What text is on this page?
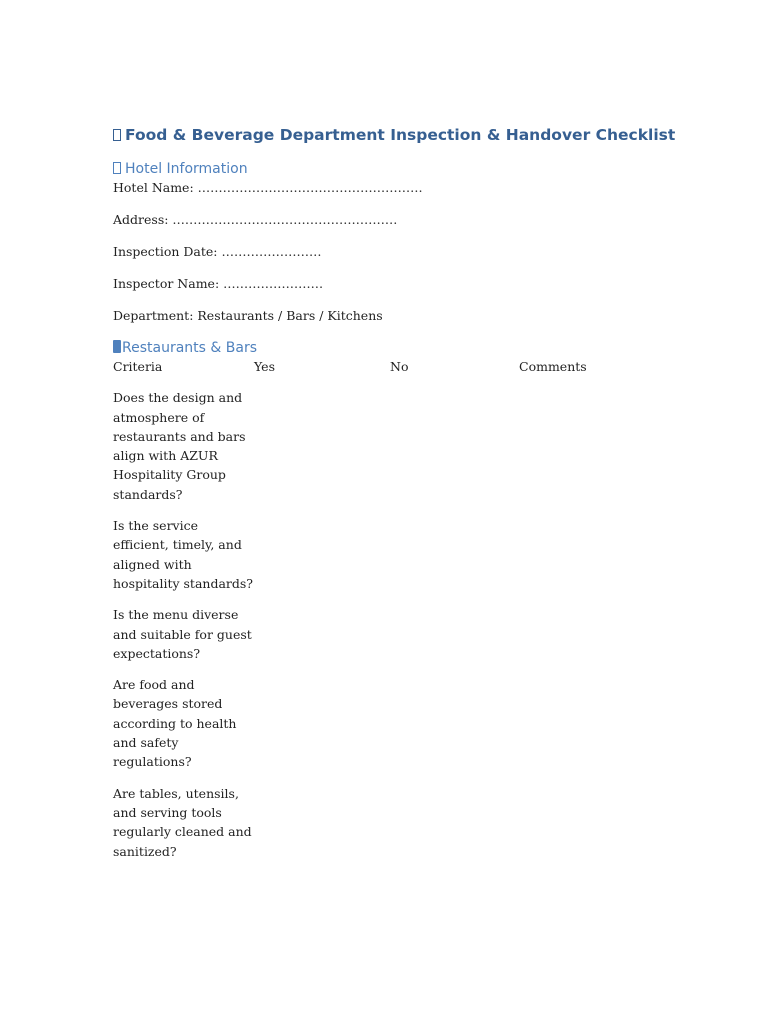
Food & Beverage Department Inspection & Handover Checklist
Hotel Information

Hotel Name: ………………………………………………

Address: ………………………………………………

Inspection Date: ……………………

Inspector Name: ……………………

Department: Restaurants / Bars / Kitchens

Restaurants & Bars
Criteria	Yes	No	Comments
Does the design and atmosphere of restaurants and bars align with AZUR Hospitality Group standards?			
Is the service efficient, timely, and aligned with hospitality standards?			
Is the menu diverse and suitable for guest expectations?			
Are food and beverages stored according to health and safety regulations?			
Are tables, utensils, and serving tools regularly cleaned and sanitized?			
